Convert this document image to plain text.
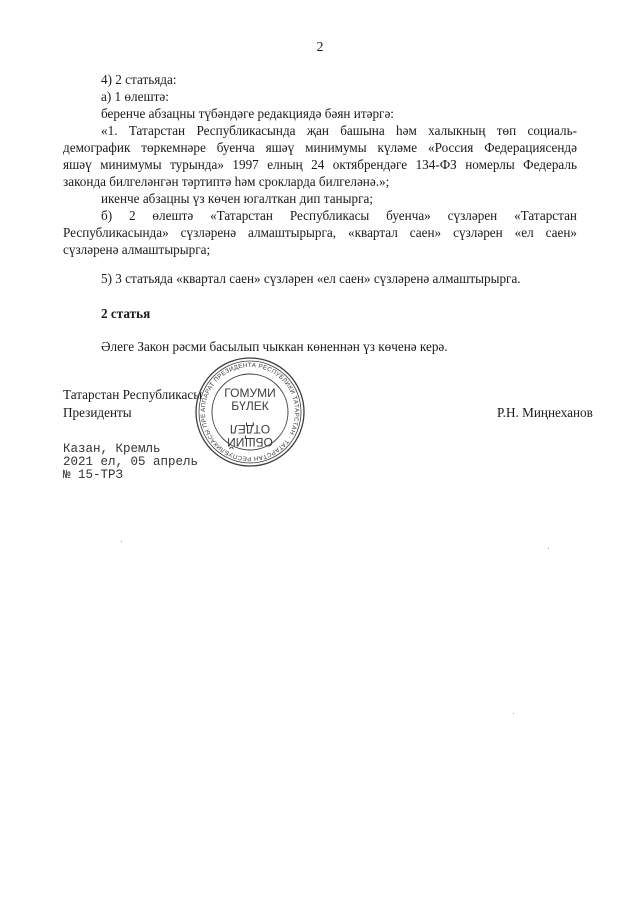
2
4) 2 статьяда:
а) 1 өлештә:
беренче абзацны түбәндәге редакциядә бәян итәргә:
«1. Татарстан Республикасында җан башына һәм халыкның төп социаль-
демографик төркемнәре буенча яшәү минимумы күләме «Россия Федерациясендә
яшәү минимумы турында» 1997 елның 24 октябрендәге 134-ФЗ номерлы Федераль
законда билгеләнгән тәртиптә һәм срокларда билгеләнә.»;
икенче абзацны үз көчен югалткан дип танырга;
б) 2 өлештә «Татарстан Республикасы буенча» сүзләрен «Татарстан
Республикасында» сүзләренә алмаштырырга, «квартал саен» сүзләрен «ел саен»
сүзләренә алмаштырырга;
5) 3 статьяда «квартал саен» сүзләрен «ел саен» сүзләренә алмаштырырга.
2 статья
Әлеге Закон рәсми басылып чыккан көненнән үз көченә керә.
Татарстан Республикасы
Президенты	Р.Н. Миңнеханов
АППАРАТ ПРЕЗИДЕНТА РЕСПУБЛИКИ ТАТАРСТАН · ТАТАРСТАН РЕСПУБЛИКАСЫ ПРЕ
ГОМУМИ
БҮЛЕК
ОТДЕЛ
ОБЩИЙ
Казан, Кремль
2021 ел, 05 апрель
№ 15-ТРЗ
